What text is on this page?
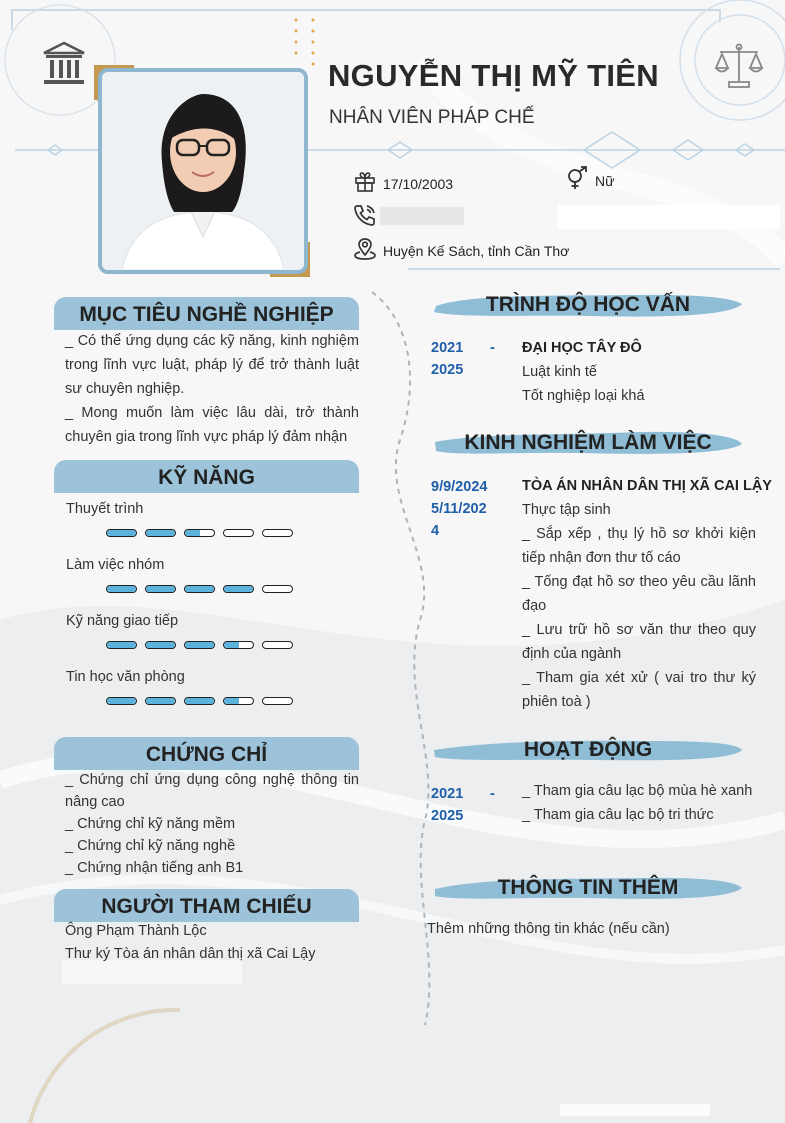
NGUYỄN THỊ MỸ TIÊN
NHÂN VIÊN PHÁP CHẾ
17/10/2003	Nữ
Huyện Kế Sách, tỉnh Cần Thơ
MỤC TIÊU NGHỀ NGHIỆP
_ Có thể ứng dụng các kỹ năng, kinh nghiệm trong lĩnh vực luật, pháp lý để trở thành luật sư chuyên nghiệp.
_ Mong muốn làm việc lâu dài, trở thành chuyên gia trong lĩnh vực pháp lý đảm nhận
KỸ NĂNG
Thuyết trình
Làm việc nhóm
Kỹ năng giao tiếp
Tin học văn phòng
CHỨNG CHỈ
_ Chứng chỉ ứng dụng công nghệ thông tin nâng cao
_ Chứng chỉ kỹ năng mềm
_ Chứng chỉ kỹ năng nghề
_ Chứng nhận tiếng anh B1
NGƯỜI THAM CHIẾU
Ông Phạm Thành Lộc
Thư ký Tòa án nhân dân thị xã Cai Lậy
TRÌNH ĐỘ HỌC VẤN
2021 -
2025
ĐẠI HỌC TÂY ĐÔ
Luật kinh tế
Tốt nghiệp loại khá
KINH NGHIỆM LÀM VIỆC
9/9/2024
5/11/202
4
TÒA ÁN NHÂN DÂN THỊ XÃ CAI LẬY
Thực tập sinh
_ Sắp xếp , thụ lý hồ sơ khởi kiện tiếp nhận đơn thư tố cáo
_ Tống đạt hồ sơ theo yêu cầu lãnh đạo
_ Lưu trữ hồ sơ văn thư theo quy định của ngành
_ Tham gia xét xử ( vai tro thư ký phiên toà )
HOẠT ĐỘNG
2021 -
2025
_ Tham gia câu lạc bộ mùa hè xanh
_ Tham gia câu lạc bộ tri thức
THÔNG TIN THÊM
Thêm những thông tin khác (nếu cần)
